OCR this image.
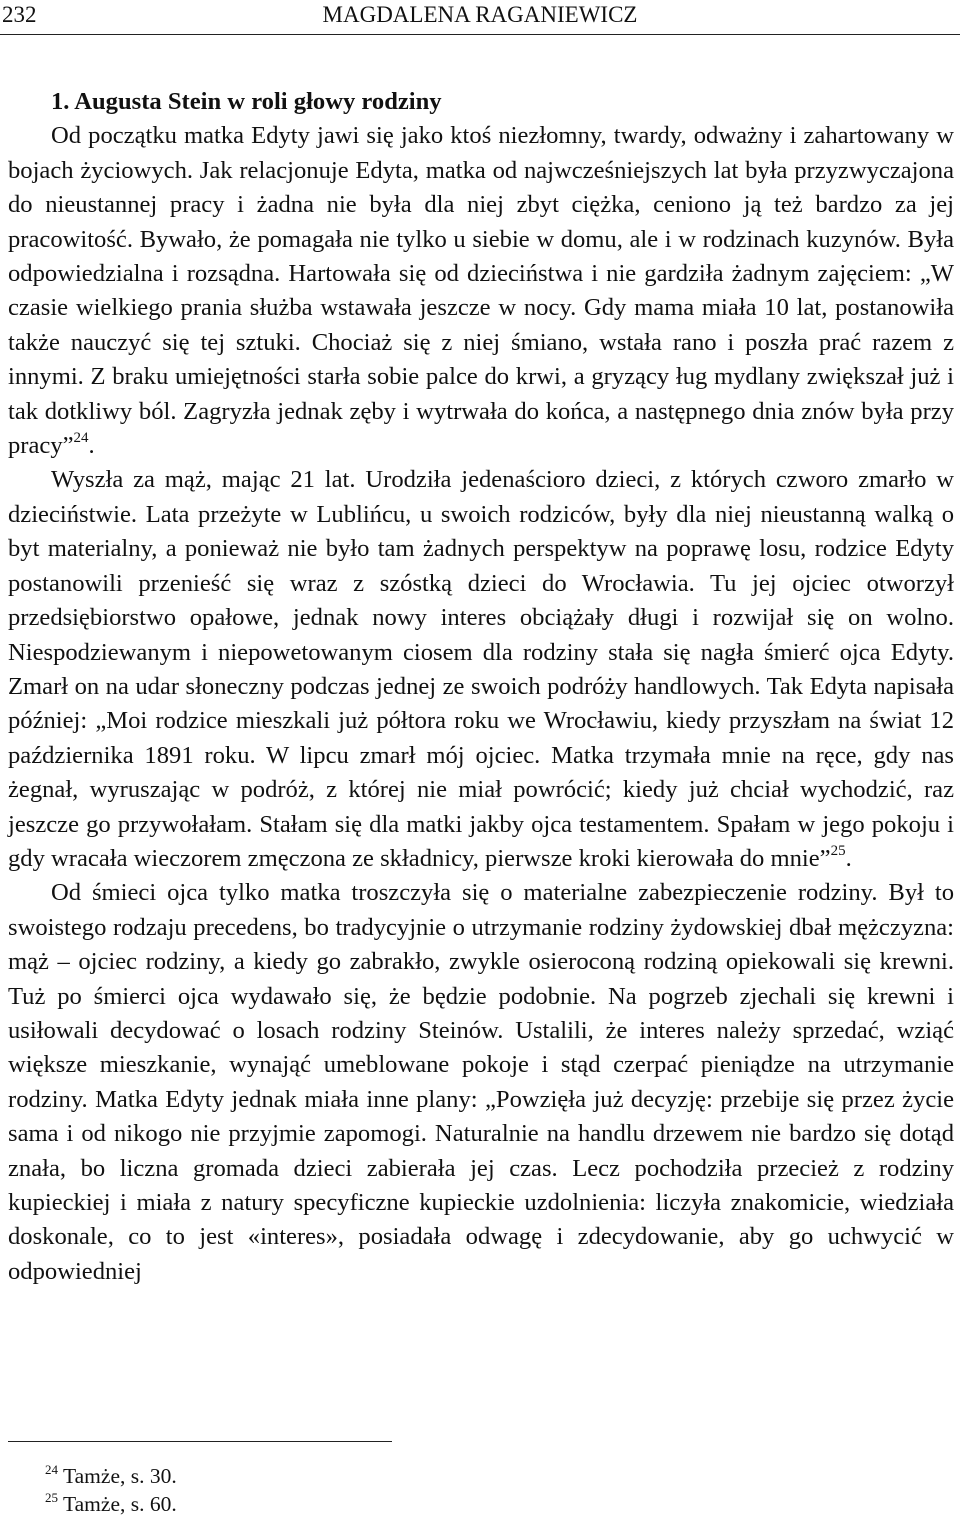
232	MAGDALENA RAGANIEWICZ

1. Augusta Stein w roli głowy rodziny

Od początku matka Edyty jawi się jako ktoś niezłomny, twardy, odważny i zahartowany w bojach życiowych. Jak relacjonuje Edyta, matka od najwcześniejszych lat była przyzwyczajona do nieustannej pracy i żadna nie była dla niej zbyt ciężka, ceniono ją też bardzo za jej pracowitość. Bywało, że pomagała nie tylko u siebie w domu, ale i w rodzinach kuzynów. Była odpowiedzialna i rozsądna. Hartowała się od dzieciństwa i nie gardziła żadnym zajęciem: „W czasie wielkiego prania służba wstawała jeszcze w nocy. Gdy mama miała 10 lat, postanowiła także nauczyć się tej sztuki. Chociaż się z niej śmiano, wstała rano i poszła prać razem z innymi. Z braku umiejętności starła sobie palce do krwi, a gryzący ług mydlany zwiększał już i tak dotkliwy ból. Zagryzła jednak zęby i wytrwała do końca, a następnego dnia znów była przy pracy”$^{24}$.

Wyszła za mąż, mając 21 lat. Urodziła jedenaścioro dzieci, z których czworo zmarło w dzieciństwie. Lata przeżyte w Lublińcu, u swoich rodziców, były dla niej nieustanną walką o byt materialny, a ponieważ nie było tam żadnych perspektyw na poprawę losu, rodzice Edyty postanowili przenieść się wraz z szóstką dzieci do Wrocławia. Tu jej ojciec otworzył przedsiębiorstwo opałowe, jednak nowy interes obciążały długi i rozwijał się on wolno. Niespodziewanym i niepowetowanym ciosem dla rodziny stała się nagła śmierć ojca Edyty. Zmarł on na udar słoneczny podczas jednej ze swoich podróży handlowych. Tak Edyta napisała później: „Moi rodzice mieszkali już półtora roku we Wrocławiu, kiedy przyszłam na świat 12 października 1891 roku. W lipcu zmarł mój ojciec. Matka trzymała mnie na ręce, gdy nas żegnał, wyruszając w podróż, z której nie miał powrócić; kiedy już chciał wychodzić, raz jeszcze go przywołałam. Stałam się dla matki jakby ojca testamentem. Spałam w jego pokoju i gdy wracała wieczorem zmęczona ze składnicy, pierwsze kroki kierowała do mnie”$^{25}$.

Od śmieci ojca tylko matka troszczyła się o materialne zabezpieczenie rodziny. Był to swoistego rodzaju precedens, bo tradycyjnie o utrzymanie rodziny żydowskiej dbał mężczyzna: mąż – ojciec rodziny, a kiedy go zabrakło, zwykle osieroconą rodziną opiekowali się krewni. Tuż po śmierci ojca wydawało się, że będzie podobnie. Na pogrzeb zjechali się krewni i usiłowali decydować o losach rodziny Steinów. Ustalili, że interes należy sprzedać, wziąć większe mieszkanie, wynająć umeblowane pokoje i stąd czerpać pieniądze na utrzymanie rodziny. Matka Edyty jednak miała inne plany: „Powzięła już decyzję: przebije się przez życie sama i od nikogo nie przyjmie zapomogi. Naturalnie na handlu drzewem nie bardzo się dotąd znała, bo liczna gromada dzieci zabierała jej czas. Lecz pochodziła przecież z rodziny kupieckiej i miała z natury specyficzne kupieckie uzdolnienia: liczyła znakomicie, wiedziała doskonale, co to jest «interes», posiadała odwagę i zdecydowanie, aby go uchwycić w odpowiedniej

$^{24}$ Tamże, s. 30.
$^{25}$ Tamże, s. 60.
